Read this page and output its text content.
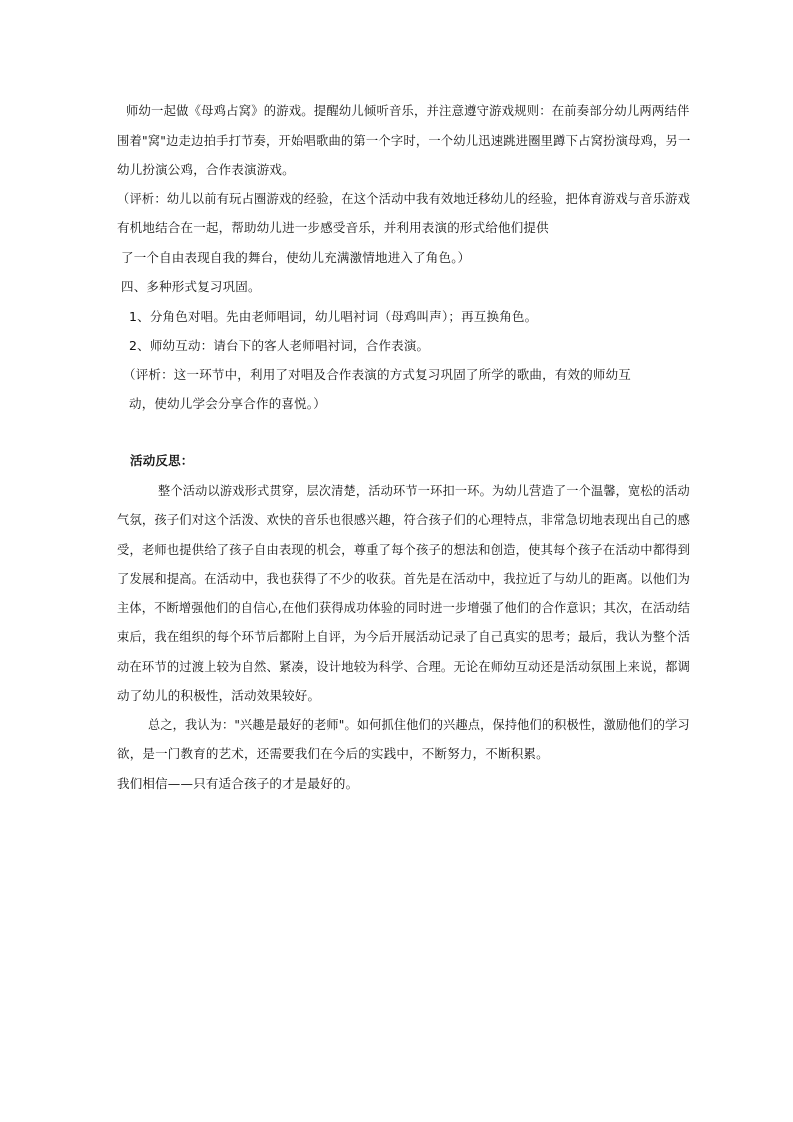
师幼一起做《母鸡占窝》的游戏。提醒幼儿倾听音乐，并注意遵守游戏规则：在前奏部分幼儿两两结伴
围着"窝"边走边拍手打节奏，开始唱歌曲的第一个字时，一个幼儿迅速跳进圈里蹲下占窝扮演母鸡，另一
幼儿扮演公鸡，合作表演游戏。
（评析：幼儿以前有玩占圈游戏的经验，在这个活动中我有效地迁移幼儿的经验，把体育游戏与音乐游戏
有机地结合在一起，帮助幼儿进一步感受音乐，并利用表演的形式给他们提供
了一个自由表现自我的舞台，使幼儿充满激情地进入了角色。）
四、多种形式复习巩固。
1、分角色对唱。先由老师唱词，幼儿唱衬词（母鸡叫声）；再互换角色。
2、师幼互动：请台下的客人老师唱衬词，合作表演。
（评析：这一环节中，利用了对唱及合作表演的方式复习巩固了所学的歌曲，有效的师幼互
动，使幼儿学会分享合作的喜悦。）
活动反思：
整个活动以游戏形式贯穿，层次清楚，活动环节一环扣一环。为幼儿营造了一个温馨，宽松的活动
气氛，孩子们对这个活泼、欢快的音乐也很感兴趣，符合孩子们的心理特点，非常急切地表现出自己的感
受，老师也提供给了孩子自由表现的机会，尊重了每个孩子的想法和创造，使其每个孩子在活动中都得到
了发展和提高。在活动中，我也获得了不少的收获。首先是在活动中，我拉近了与幼儿的距离。以他们为
主体，不断增强他们的自信心,在他们获得成功体验的同时进一步增强了他们的合作意识；其次，在活动结
束后，我在组织的每个环节后都附上自评，为今后开展活动记录了自己真实的思考；最后，我认为整个活
动在环节的过渡上较为自然、紧凑，设计地较为科学、合理。无论在师幼互动还是活动氛围上来说，都调
动了幼儿的积极性，活动效果较好。
总之，我认为："兴趣是最好的老师"。如何抓住他们的兴趣点，保持他们的积极性，激励他们的学习
欲，是一门教育的艺术，还需要我们在今后的实践中，不断努力，不断积累。
我们相信——只有适合孩子的才是最好的。
